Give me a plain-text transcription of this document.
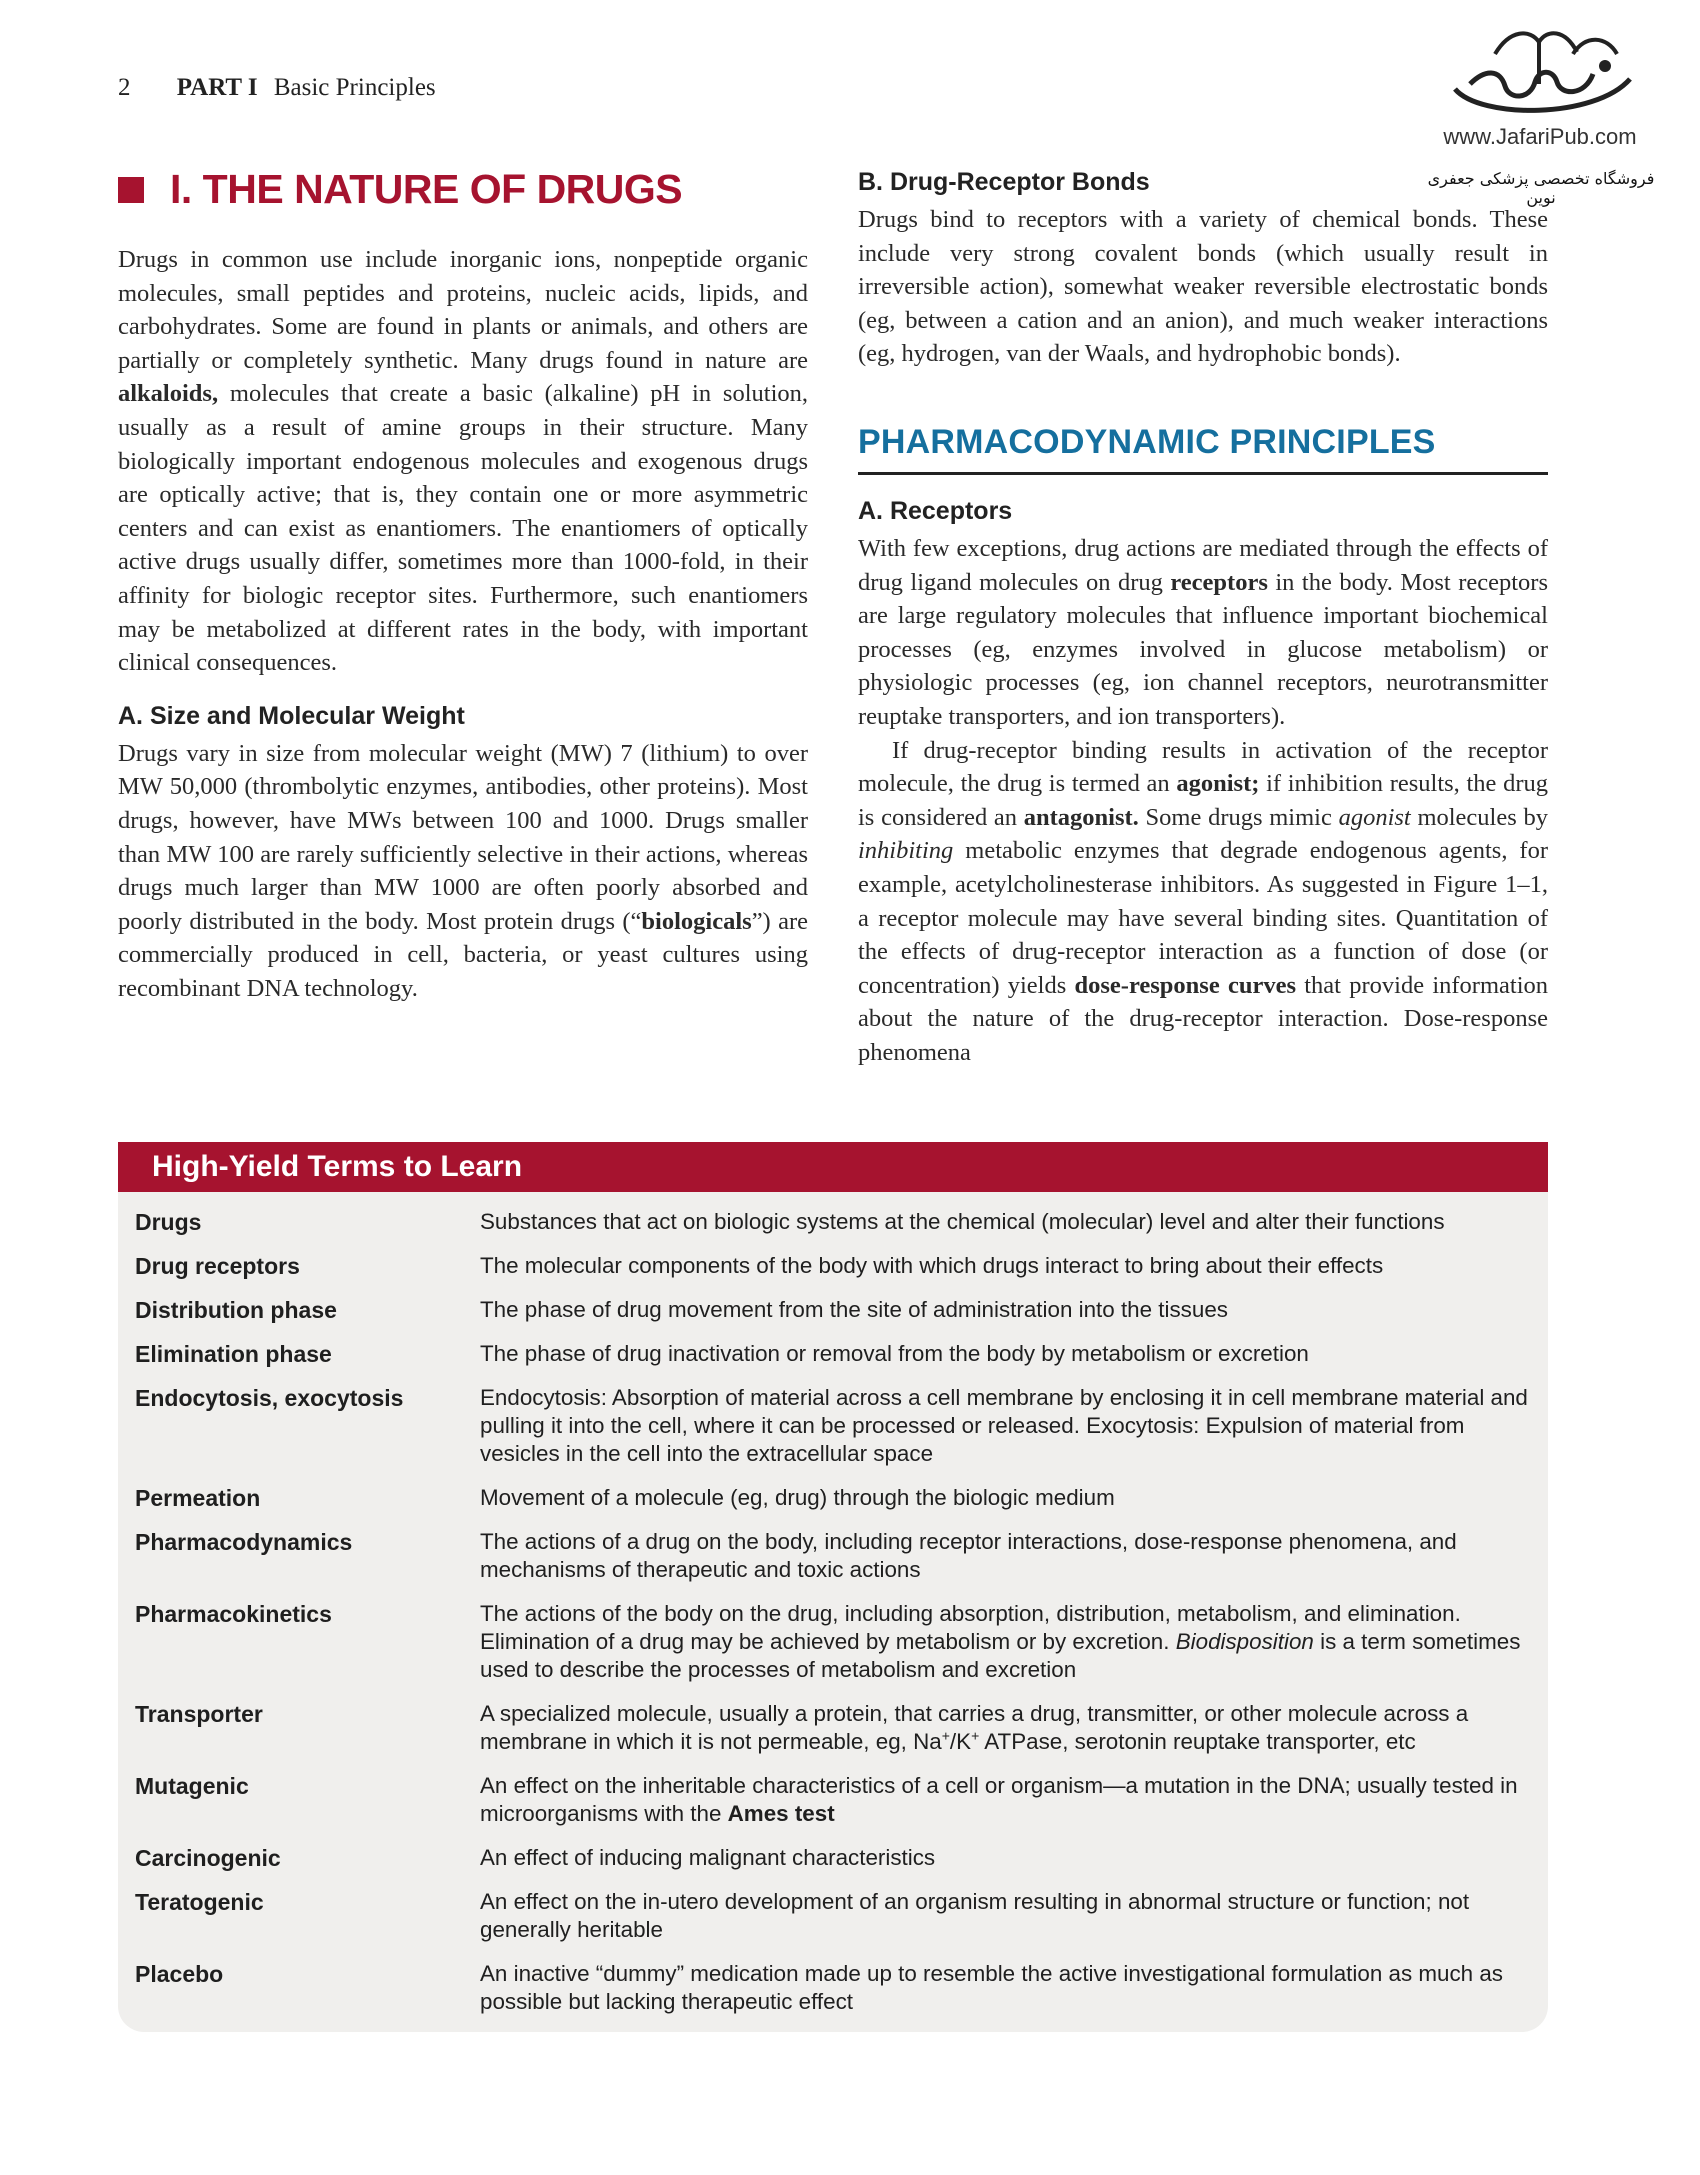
2 PART I Basic Principles
www.JafariPub.com
فروشگاه تخصصی پزشکی جعفری نوین
I. THE NATURE OF DRUGS

Drugs in common use include inorganic ions, nonpeptide organic molecules, small peptides and proteins, nucleic acids, lipids, and carbohydrates. Some are found in plants or animals, and others are partially or completely synthetic. Many drugs found in nature are alkaloids, molecules that create a basic (alkaline) pH in solution, usually as a result of amine groups in their structure. Many biologically important endogenous molecules and exogenous drugs are optically active; that is, they contain one or more asymmetric centers and can exist as enantiomers. The enantiomers of optically active drugs usually differ, sometimes more than 1000-fold, in their affinity for biologic receptor sites. Furthermore, such enantiomers may be metabolized at different rates in the body, with important clinical consequences.

A. Size and Molecular Weight

Drugs vary in size from molecular weight (MW) 7 (lithium) to over MW 50,000 (thrombolytic enzymes, antibodies, other proteins). Most drugs, however, have MWs between 100 and 1000. Drugs smaller than MW 100 are rarely sufficiently selective in their actions, whereas drugs much larger than MW 1000 are often poorly absorbed and poorly distributed in the body. Most protein drugs (“biologicals”) are commercially produced in cell, bacteria, or yeast cultures using recombinant DNA technology.

B. Drug-Receptor Bonds

Drugs bind to receptors with a variety of chemical bonds. These include very strong covalent bonds (which usually result in irreversible action), somewhat weaker reversible electrostatic bonds (eg, between a cation and an anion), and much weaker interactions (eg, hydrogen, van der Waals, and hydrophobic bonds).

PHARMACODYNAMIC PRINCIPLES
A. Receptors

With few exceptions, drug actions are mediated through the effects of drug ligand molecules on drug receptors in the body. Most receptors are large regulatory molecules that influence important biochemical processes (eg, enzymes involved in glucose metabolism) or physiologic processes (eg, ion channel receptors, neurotransmitter reuptake transporters, and ion transporters).

If drug-receptor binding results in activation of the receptor molecule, the drug is termed an agonist; if inhibition results, the drug is considered an antagonist. Some drugs mimic agonist molecules by inhibiting metabolic enzymes that degrade endogenous agents, for example, acetylcholinesterase inhibitors. As suggested in Figure 1–1, a receptor molecule may have several binding sites. Quantitation of the effects of drug-receptor interaction as a function of dose (or concentration) yields dose-response curves that provide information about the nature of the drug-receptor interaction. Dose-response phenomena

High-Yield Terms to Learn
Drugs	Substances that act on biologic systems at the chemical (molecular) level and alter their functions
Drug receptors	The molecular components of the body with which drugs interact to bring about their effects
Distribution phase	The phase of drug movement from the site of administration into the tissues
Elimination phase	The phase of drug inactivation or removal from the body by metabolism or excretion
Endocytosis, exocytosis	Endocytosis: Absorption of material across a cell membrane by enclosing it in cell membrane material and pulling it into the cell, where it can be processed or released. Exocytosis: Expulsion of material from vesicles in the cell into the extracellular space
Permeation	Movement of a molecule (eg, drug) through the biologic medium
Pharmacodynamics	The actions of a drug on the body, including receptor interactions, dose-response phenomena, and mechanisms of therapeutic and toxic actions
Pharmacokinetics	The actions of the body on the drug, including absorption, distribution, metabolism, and elimination. Elimination of a drug may be achieved by metabolism or by excretion. Biodisposition is a term sometimes used to describe the processes of metabolism and excretion
Transporter	A specialized molecule, usually a protein, that carries a drug, transmitter, or other molecule across a membrane in which it is not permeable, eg, Na+/K+ ATPase, serotonin reuptake transporter, etc
Mutagenic	An effect on the inheritable characteristics of a cell or organism—a mutation in the DNA; usually tested in microorganisms with the Ames test
Carcinogenic	An effect of inducing malignant characteristics
Teratogenic	An effect on the in-utero development of an organism resulting in abnormal structure or function; not generally heritable
Placebo	An inactive “dummy” medication made up to resemble the active investigational formulation as much as possible but lacking therapeutic effect
